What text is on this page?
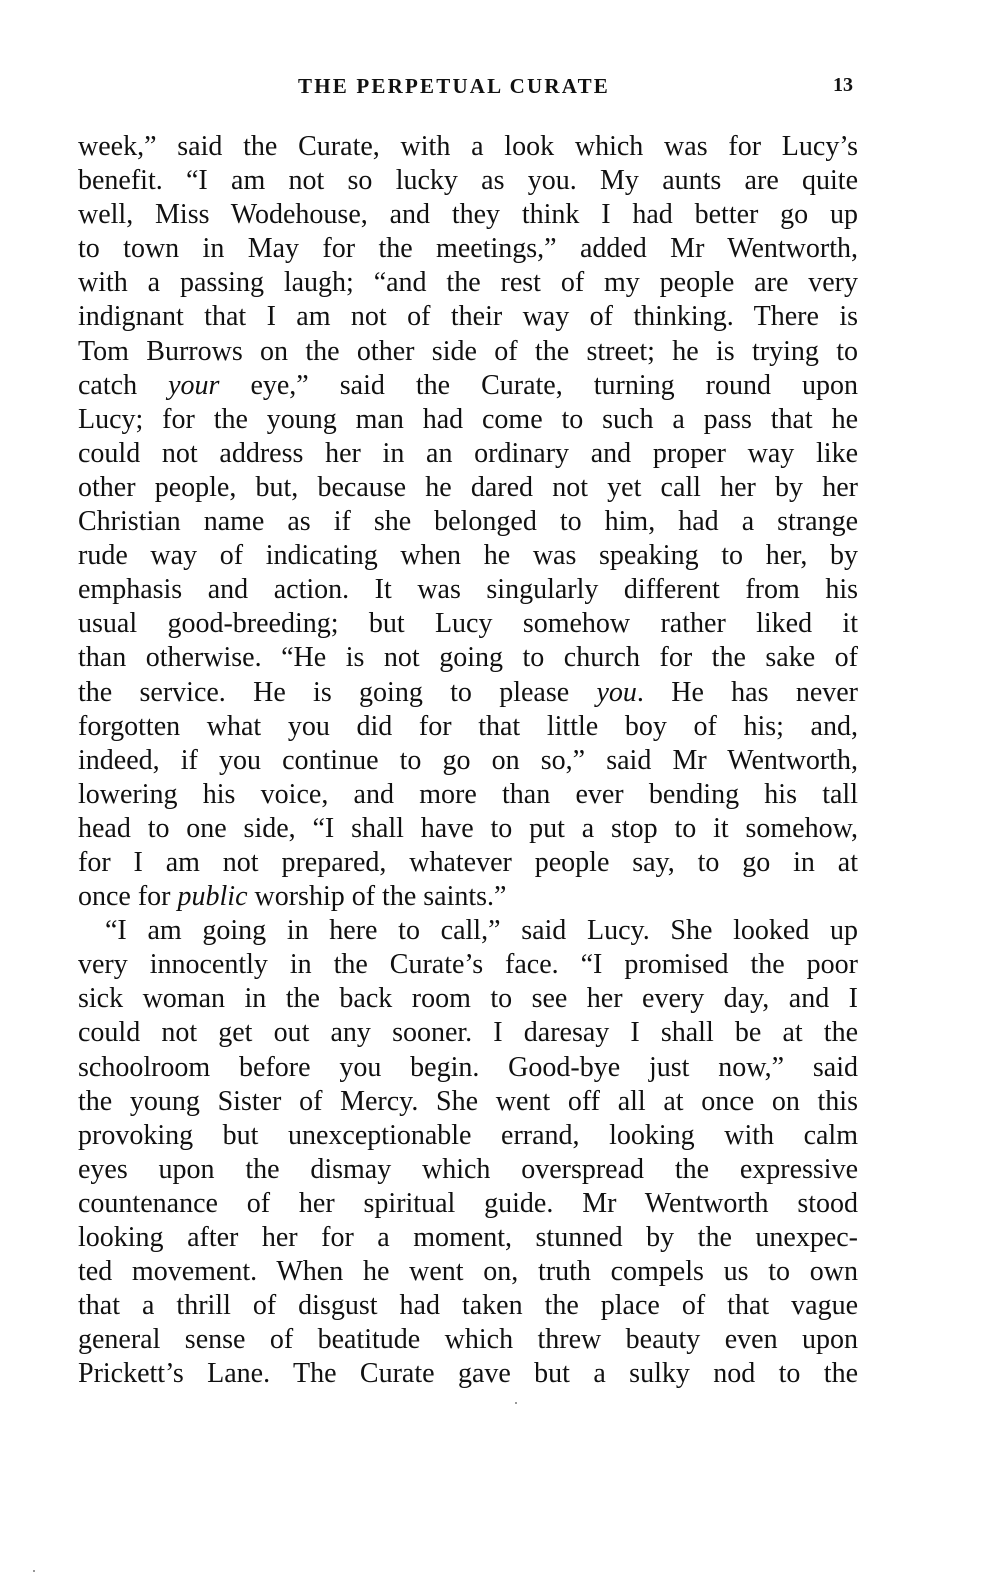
THE PERPETUAL CURATE	13
week,” said the Curate, with a look which was for Lucy’s
benefit. “I am not so lucky as you. My aunts are quite
well, Miss Wodehouse, and they think I had better go up
to town in May for the meetings,” added Mr Wentworth,
with a passing laugh; “and the rest of my people are very
indignant that I am not of their way of thinking. There is
Tom Burrows on the other side of the street; he is trying to
catch your eye,” said the Curate, turning round upon
Lucy; for the young man had come to such a pass that he
could not address her in an ordinary and proper way like
other people, but, because he dared not yet call her by her
Christian name as if she belonged to him, had a strange
rude way of indicating when he was speaking to her, by
emphasis and action. It was singularly different from his
usual good-breeding; but Lucy somehow rather liked it
than otherwise. “He is not going to church for the sake of
the service. He is going to please you. He has never
forgotten what you did for that little boy of his; and,
indeed, if you continue to go on so,” said Mr Wentworth,
lowering his voice, and more than ever bending his tall
head to one side, “I shall have to put a stop to it somehow,
for I am not prepared, whatever people say, to go in at
once for public worship of the saints.”
“I am going in here to call,” said Lucy. She looked up
very innocently in the Curate’s face. “I promised the poor
sick woman in the back room to see her every day, and I
could not get out any sooner. I daresay I shall be at the
schoolroom before you begin. Good-bye just now,” said
the young Sister of Mercy. She went off all at once on this
provoking but unexceptionable errand, looking with calm
eyes upon the dismay which overspread the expressive
countenance of her spiritual guide. Mr Wentworth stood
looking after her for a moment, stunned by the unexpec-
ted movement. When he went on, truth compels us to own
that a thrill of disgust had taken the place of that vague
general sense of beatitude which threw beauty even upon
Prickett’s Lane. The Curate gave but a sulky nod to the
